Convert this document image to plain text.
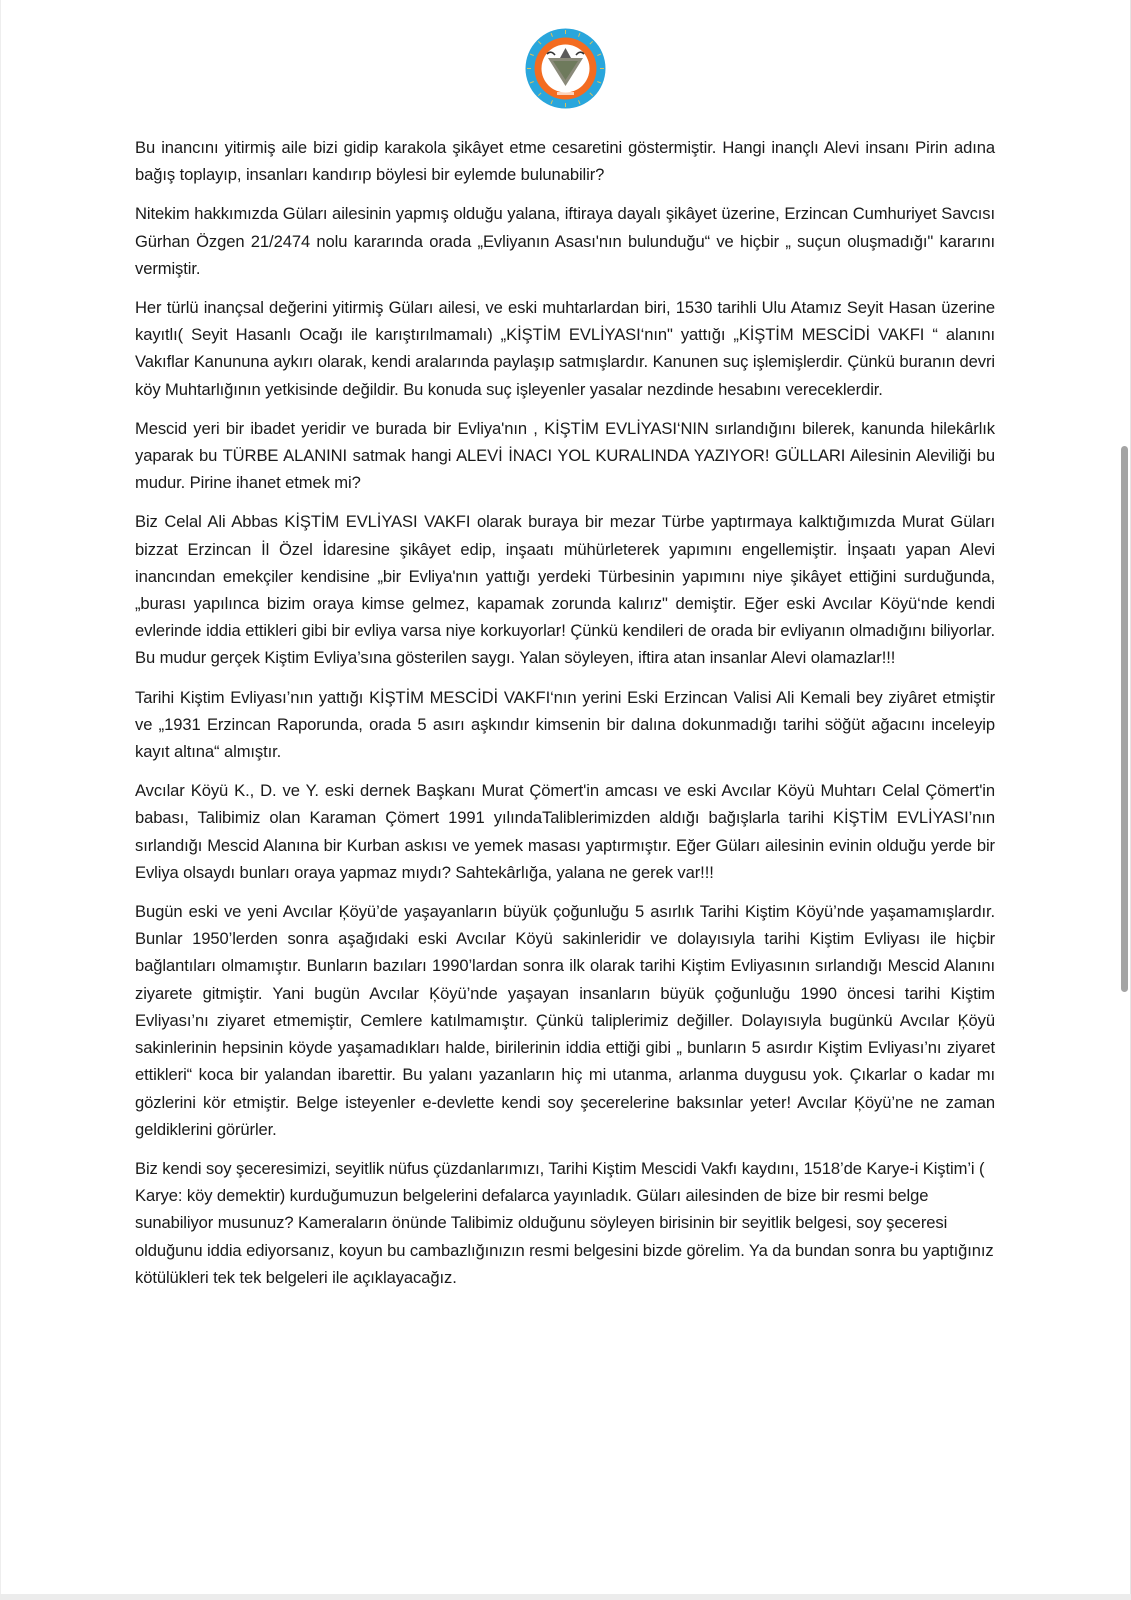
Bu inancını yitirmiş aile bizi gidip karakola şikâyet etme cesaretini göstermiştir. Hangi inançlı Alevi insanı Pirin adına bağış toplayıp, insanları kandırıp böylesi bir eylemde bulunabilir?

Nitekim hakkımızda Güları ailesinin yapmış olduğu yalana, iftiraya dayalı şikâyet üzerine, Erzincan Cumhuriyet Savcısı Gürhan Özgen 21/2474 nolu kararında orada „Evliyanın Asası'nın bulunduğu“ ve hiçbir „ suçun oluşmadığı" kararını vermiştir.

Her türlü inançsal değerini yitirmiş Güları ailesi, ve eski muhtarlardan biri, 1530 tarihli Ulu Atamız Seyit Hasan üzerine kayıtlı( Seyit Hasanlı Ocağı ile karıştırılmamalı) „KİŞTİM EVLİYASI‘nın" yattığı „KİŞTİM MESCİDİ VAKFI “ alanını Vakıflar Kanununa aykırı olarak, kendi aralarında paylaşıp satmışlardır. Kanunen suç işlemişlerdir. Çünkü buranın devri köy Muhtarlığının yetkisinde değildir. Bu konuda suç işleyenler yasalar nezdinde hesabını vereceklerdir.

Mescid yeri bir ibadet yeridir ve burada bir Evliya'nın , KİŞTİM EVLİYASI‘NIN sırlandığını bilerek, kanunda hilekârlık yaparak bu TÜRBE ALANINI satmak hangi ALEVİ İNACI YOL KURALINDA YAZIYOR! GÜLLARI Ailesinin Aleviliği bu mudur. Pirine ihanet etmek mi?

Biz Celal Ali Abbas KİŞTİM EVLİYASI VAKFI olarak buraya bir mezar Türbe yaptırmaya kalktığımızda Murat Güları bizzat Erzincan İl Özel İdaresine şikâyet edip, inşaatı mühürleterek yapımını engellemiştir. İnşaatı yapan Alevi inancından emekçiler kendisine „bir Evliya'nın yattığı yerdeki Türbesinin yapımını niye şikâyet ettiğini surduğunda, „burası yapılınca bizim oraya kimse gelmez, kapamak zorunda kalırız" demiştir. Eğer eski Avcılar Köyü‘nde kendi evlerinde iddia ettikleri gibi bir evliya varsa niye korkuyorlar! Çünkü kendileri de orada bir evliyanın olmadığını biliyorlar. Bu mudur gerçek Kiştim Evliya’sına gösterilen saygı. Yalan söyleyen, iftira atan insanlar Alevi olamazlar!!!

Tarihi Kiştim Evliyası’nın yattığı KİŞTİM MESCİDİ VAKFI‘nın yerini Eski Erzincan Valisi Ali Kemali bey ziyâret etmiştir ve „1931 Erzincan Raporunda, orada 5 asırı aşkındır kimsenin bir dalına dokunmadığı tarihi söğüt ağacını inceleyip kayıt altına“ almıştır.

Avcılar Köyü K., D. ve Y. eski dernek Başkanı Murat Çömert'in amcası ve eski Avcılar Köyü Muhtarı Celal Çömert'in babası, Talibimiz olan Karaman Çömert 1991 yılındaTaliblerimizden aldığı bağışlarla tarihi KİŞTİM EVLİYASI’nın sırlandığı Mescid Alanına bir Kurban askısı ve yemek masası yaptırmıştır. Eğer Güları ailesinin evinin olduğu yerde bir Evliya olsaydı bunları oraya yapmaz mıydı? Sahtekârlığa, yalana ne gerek var!!!

Bugün eski ve yeni Avcılar Ķöyü’de yaşayanların büyük çoğunluğu 5 asırlık Tarihi Kiştim Köyü’nde yaşamamışlardır. Bunlar 1950’lerden sonra aşağıdaki eski Avcılar Köyü sakinleridir ve dolayısıyla tarihi Kiştim Evliyası ile hiçbir bağlantıları olmamıştır. Bunların bazıları 1990’lardan sonra ilk olarak tarihi Kiştim Evliyasının sırlandığı Mescid Alanını ziyarete gitmiştir. Yani bugün Avcılar Ķöyü’nde yaşayan insanların büyük çoğunluğu 1990 öncesi tarihi Kiştim Evliyası’nı ziyaret etmemiştir, Cemlere katılmamıştır. Çünkü taliplerimiz değiller. Dolayısıyla bugünkü Avcılar Ķöyü sakinlerinin hepsinin köyde yaşamadıkları halde, birilerinin iddia ettiği gibi „ bunların 5 asırdır Kiştim Evliyası’nı ziyaret ettikleri“ koca bir yalandan ibarettir. Bu yalanı yazanların hiç mi utanma, arlanma duygusu yok. Çıkarlar o kadar mı gözlerini kör etmiştir. Belge isteyenler e-devlette kendi soy şecerelerine baksınlar yeter! Avcılar Ķöyü’ne ne zaman geldiklerini görürler.

Biz kendi soy şeceresimizi, seyitlik nüfus çüzdanlarımızı, Tarihi Kiştim Mescidi Vakfı kaydını, 1518’de Karye-i Kiştim’i ( Karye: köy demektir) kurduğumuzun belgelerini defalarca yayınladık. Güları ailesinden de bize bir resmi belge sunabiliyor musunuz? Kameraların önünde Talibimiz olduğunu söyleyen birisinin bir seyitlik belgesi, soy şeceresi olduğunu iddia ediyorsanız, koyun bu cambazlığınızın resmi belgesini bizde görelim. Ya da bundan sonra bu yaptığınız kötülükleri tek tek belgeleri ile açıklayacağız.
